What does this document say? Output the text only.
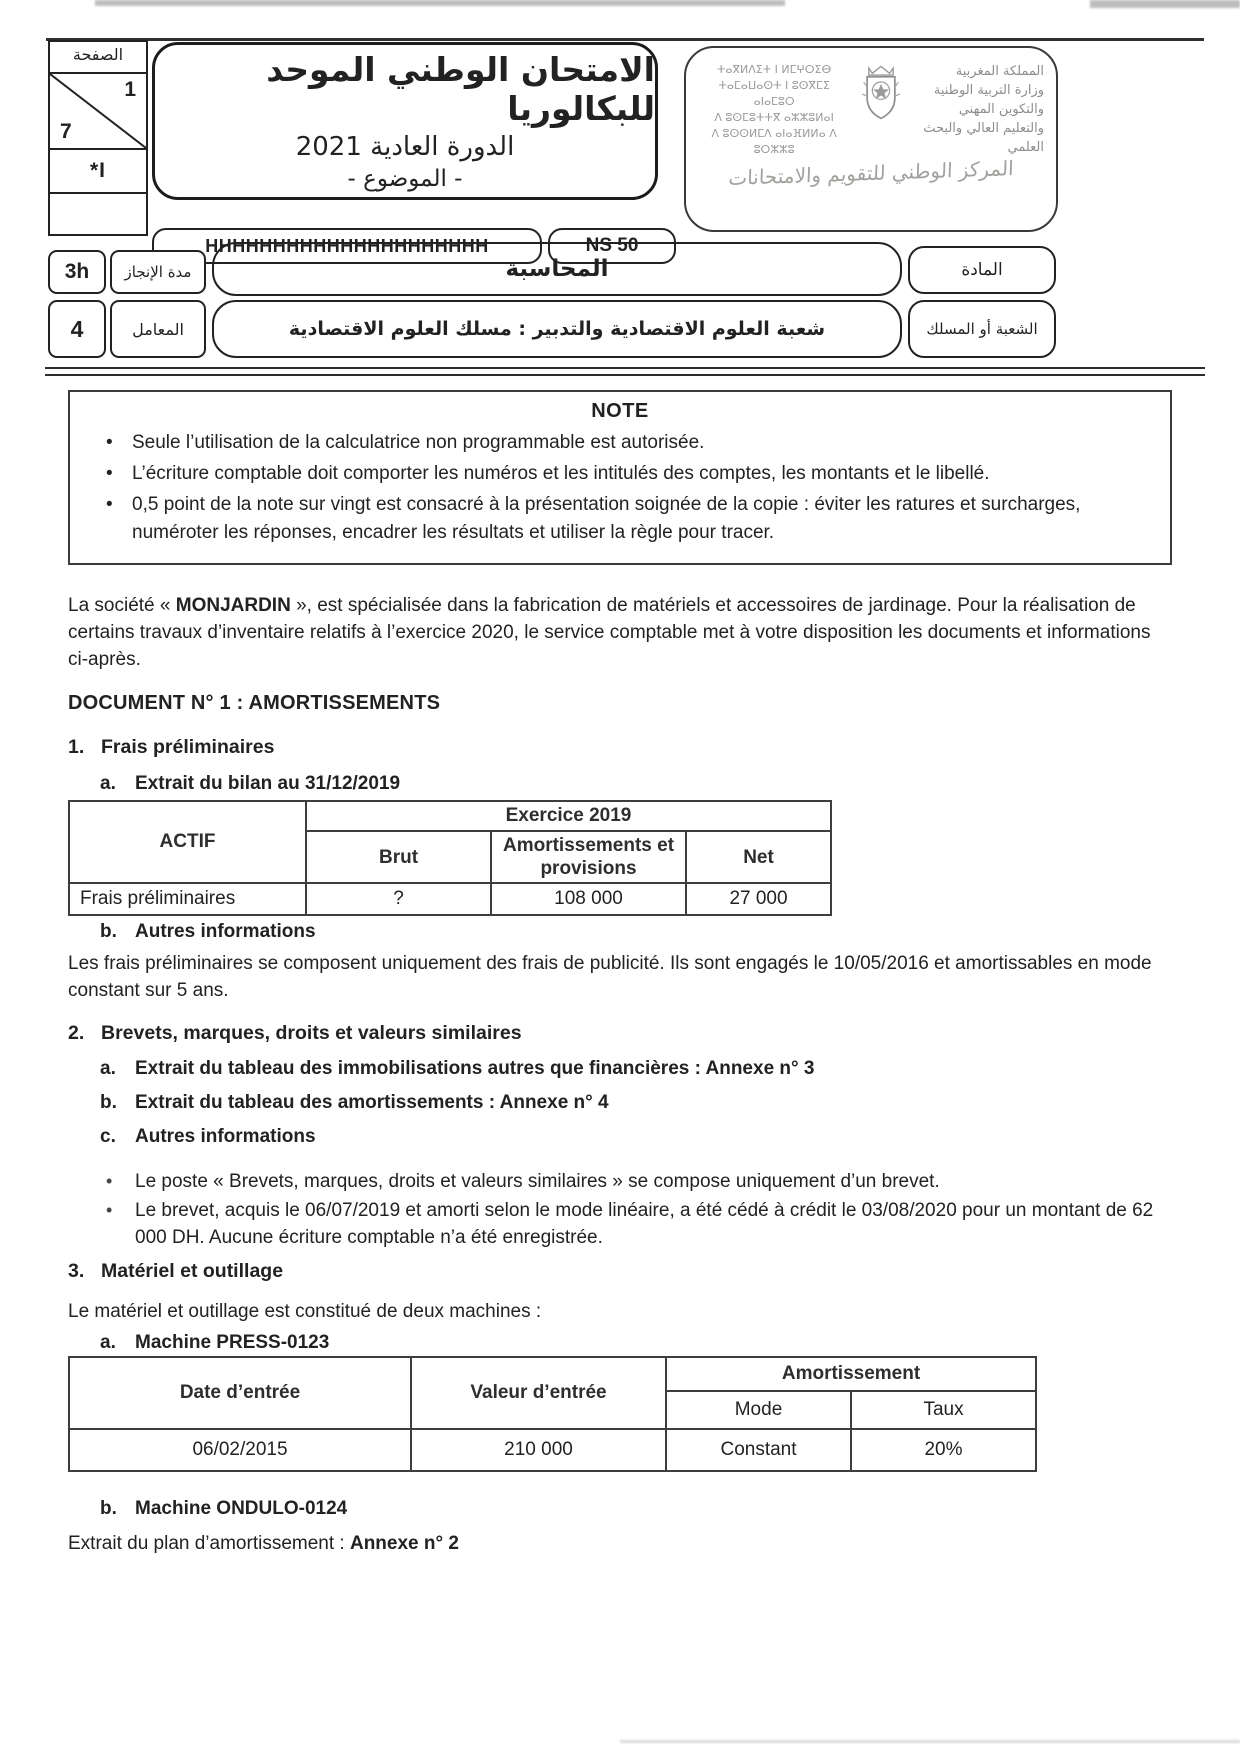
الصفحة
1
7
*I
الامتحان الوطني الموحد للبكالوريا
الدورة العادية 2021
- الموضوع -
ⵜⴰⴳⵍⴷⵉⵜ ⵏ ⵍⵎⵖⵔⵉⴱ
ⵜⴰⵎⴰⵡⴰⵙⵜ ⵏ ⵓⵙⴳⵎⵉ ⴰⵏⴰⵎⵓⵔ
ⴷ ⵓⵙⵎⵓⵜⵜⴳ ⴰⵣⵣⵓⵍⴰⵏ
ⴷ ⵓⵙⵙⵍⵎⴷ ⴰⵏⴰⴼⵍⵍⴰ ⴷ ⵓⵔⵣⵣⵓ
المملكة المغربية
وزارة التربية الوطنية
والتكوين المهني
والتعليم العالي والبحث العلمي
المركز الوطني للتقويم والامتحانات
HHHHHHHHHHHHHHHHHHHHH	NS 50
3h	مدة الإنجاز	المحاسبة	المادة
4	المعامل	شعبة العلوم الاقتصادية والتدبير : مسلك العلوم الاقتصادية	الشعبة أو المسلك
NOTE
• Seule l’utilisation de la calculatrice non programmable est autorisée.
• L’écriture comptable doit comporter les numéros et les intitulés des comptes, les montants et le libellé.
• 0,5 point de la note sur vingt est consacré à la présentation soignée de la copie : éviter les ratures et surcharges, numéroter les réponses, encadrer les résultats et utiliser la règle pour tracer.

La société « MONJARDIN », est spécialisée dans la fabrication de matériels et accessoires de jardinage. Pour la réalisation de certains travaux d’inventaire relatifs à l’exercice 2020, le service comptable met à votre disposition les documents et informations ci-après.

DOCUMENT N° 1 : AMORTISSEMENTS
1. Frais préliminaires
a.	Extrait du bilan au 31/12/2019
ACTIF	Exercice 2019		
	Brut	Amortissements et provisions	Net
Frais préliminaires	?	108 000	27 000
b. Autres informations

Les frais préliminaires se composent uniquement des frais de publicité. Ils sont engagés le 10/05/2016 et amortissables en mode constant sur 5 ans.

2. Brevets, marques, droits et valeurs similaires
a.	Extrait du tableau des immobilisations autres que financières : Annexe n° 3
b. Extrait du tableau des amortissements : Annexe n° 4
c.	Autres informations
• Le poste « Brevets, marques, droits et valeurs similaires » se compose uniquement d’un brevet.
• Le brevet, acquis le 06/07/2019 et amorti selon le mode linéaire, a été cédé à crédit le 03/08/2020 pour un montant de 62 000 DH. Aucune écriture comptable n’a été enregistrée.
3. Matériel et outillage

Le matériel et outillage est constitué de deux machines :

a.	Machine PRESS-0123
Date d’entrée	Valeur d’entrée	Amortissement	
		Mode	Taux
06/02/2015	210 000	Constant	20%
b. Machine ONDULO-0124

Extrait du plan d’amortissement : Annexe n° 2
